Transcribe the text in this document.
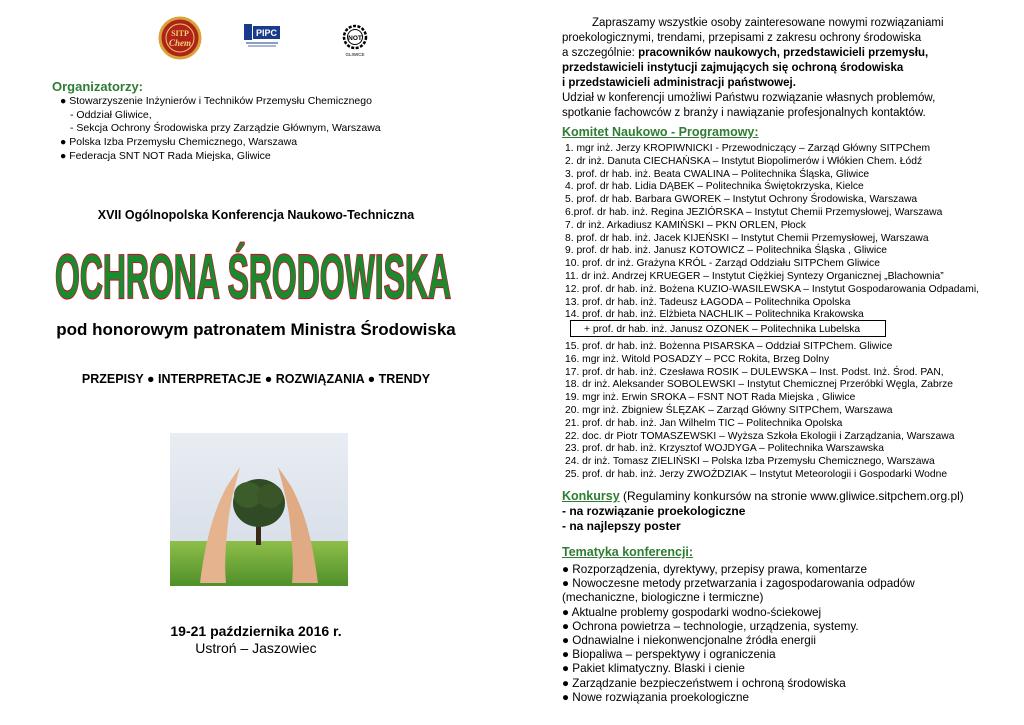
SITP
Chem
PIPC
NOT
GLIWICE
Organizatorzy:
● Stowarzyszenie Inżynierów i Techników Przemysłu Chemicznego
- Oddział Gliwice,
- Sekcja Ochrony Środowiska przy Zarządzie Głównym, Warszawa
● Polska Izba Przemysłu Chemicznego, Warszawa
● Federacja SNT NOT Rada Miejska, Gliwice
XVII Ogólnopolska Konferencja Naukowo-Techniczna
OCHRONA ŚRODOWISKA
pod honorowym patronatem Ministra Środowiska
PRZEPISY ● INTERPRETACJE ● ROZWIĄZANIA ● TRENDY
19-21 października 2016 r.
Ustroń – Jaszowiec
Zapraszamy wszystkie osoby zainteresowane nowymi rozwiązaniami
proekologicznymi, trendami, przepisami z zakresu ochrony środowiska
a szczególnie: pracowników naukowych, przedstawicieli przemysłu,
przedstawicieli instytucji zajmujących się ochroną środowiska
i przedstawicieli administracji państwowej.
Udział w konferencji umożliwi Państwu rozwiązanie własnych problemów,
spotkanie fachowców z branży i nawiązanie profesjonalnych kontaktów.
Komitet Naukowo - Programowy:
1. mgr inż. Jerzy KROPIWNICKI - Przewodniczący – Zarząd Główny SITPChem
2. dr inż. Danuta CIECHAŃSKA – Instytut Biopolimerów i Włókien Chem. Łódź
3. prof. dr hab. inż. Beata CWALINA – Politechnika Śląska, Gliwice
4. prof. dr hab. Lidia DĄBEK – Politechnika Świętokrzyska, Kielce
5. prof. dr hab. Barbara GWOREK – Instytut Ochrony Środowiska, Warszawa
6.prof. dr hab. inż. Regina JEZIÓRSKA – Instytut Chemii Przemysłowej, Warszawa
7. dr inż. Arkadiusz KAMIŃSKI – PKN ORLEN, Płock
8. prof. dr hab. inż. Jacek KIJEŃSKI – Instytut Chemii Przemysłowej, Warszawa
9. prof. dr hab. inż. Janusz KOTOWICZ – Politechnika Śląska , Gliwice
10. prof. dr inż. Grażyna KRÓL - Zarząd Oddziału SITPChem Gliwice
11. dr inż. Andrzej KRUEGER – Instytut Ciężkiej Syntezy Organicznej „Blachownia”
12. prof. dr hab. inż. Bożena KUZIO-WASILEWSKA – Instytut Gospodarowania Odpadami,
13. prof. dr hab. inż. Tadeusz ŁAGODA – Politechnika Opolska
14. prof. dr hab. inż. Elżbieta NACHLIK – Politechnika Krakowska
+ prof. dr hab. inż. Janusz OZONEK – Politechnika Lubelska
15. prof. dr hab. inż. Bożenna PISARSKA – Oddział SITPChem. Gliwice
16. mgr inż. Witold POSADZY – PCC Rokita, Brzeg Dolny
17. prof. dr hab. inż. Czesława ROSIK – DULEWSKA – Inst. Podst. Inż. Środ. PAN,
18. dr inż. Aleksander SOBOLEWSKI – Instytut Chemicznej Przeróbki Węgla, Zabrze
19. mgr inż. Erwin SROKA – FSNT NOT Rada Miejska , Gliwice
20. mgr inż. Zbigniew ŚLĘZAK – Zarząd Główny SITPChem, Warszawa
21. prof. dr hab. inż. Jan Wilhelm TIC – Politechnika Opolska
22. doc. dr Piotr TOMASZEWSKI – Wyższa Szkoła Ekologii i Zarządzania, Warszawa
23. prof. dr hab. inż. Krzysztof WOJDYGA – Politechnika Warszawska
24. dr inż. Tomasz ZIELIŃSKI – Polska Izba Przemysłu Chemicznego, Warszawa
25. prof. dr hab. inż. Jerzy ZWOŹDZIAK – Instytut Meteorologii i Gospodarki Wodne
Konkursy (Regulaminy konkursów na stronie www.gliwice.sitpchem.org.pl)
- na rozwiązanie proekologiczne
- na najlepszy poster
Tematyka konferencji:
● Rozporządzenia, dyrektywy, przepisy prawa, komentarze
● Nowoczesne metody przetwarzania i zagospodarowania odpadów
(mechaniczne, biologiczne i termiczne)
● Aktualne problemy gospodarki wodno-ściekowej
● Ochrona powietrza – technologie, urządzenia, systemy.
● Odnawialne i niekonwencjonalne źródła energii
● Biopaliwa – perspektywy i ograniczenia
● Pakiet klimatyczny. Blaski i cienie
● Zarządzanie bezpieczeństwem i ochroną środowiska
● Nowe rozwiązania proekologiczne
